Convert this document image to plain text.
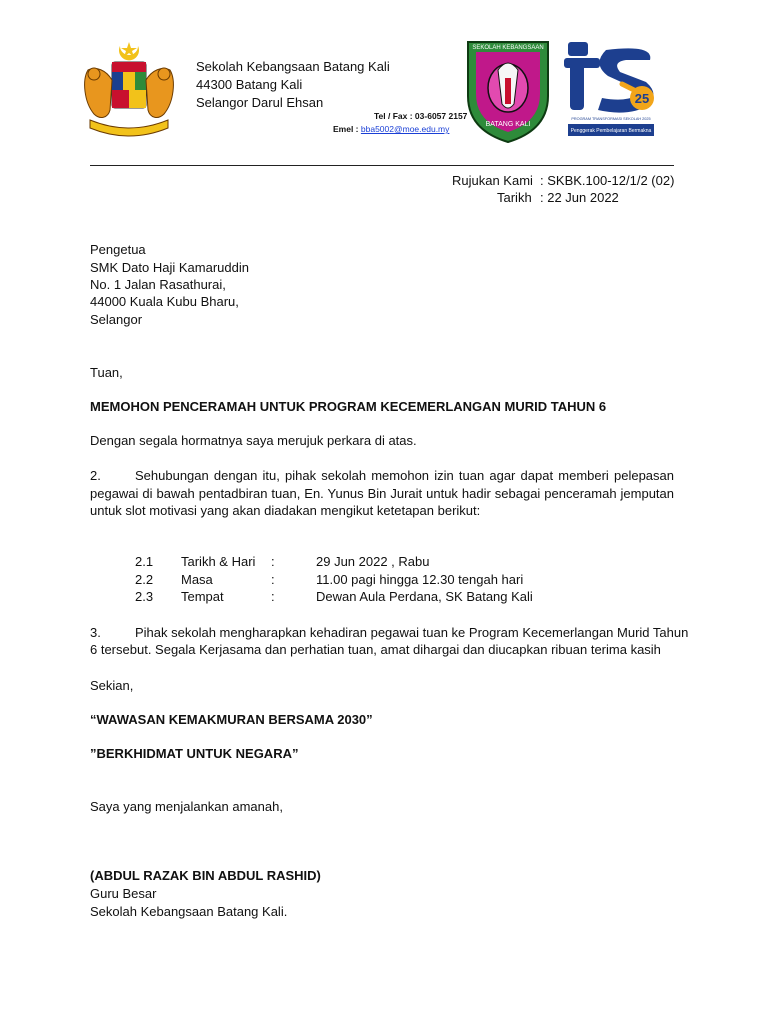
Sekolah Kebangsaan Batang Kali
44300 Batang Kali
Selangor Darul Ehsan
Tel / Fax : 03-6057 2157
Emel : bba5002@moe.edu.my
SEKOLAH KEBANGSAAN
BATANG KALI
25
PROGRAM TRANSFORMASI SEKOLAH 2025
Penggerak Pembelajaran Bermakna
Rujukan Kami : SKBK.100-12/1/2 (02)
Tarikh : 22 Jun 2022
Pengetua
SMK Dato Haji Kamaruddin
No. 1 Jalan Rasathurai,
44000 Kuala Kubu Bharu,
Selangor
Tuan,
MEMOHON PENCERAMAH UNTUK PROGRAM KECEMERLANGAN MURID TAHUN 6
Dengan segala hormatnya saya merujuk perkara di atas.
2.	Sehubungan dengan itu, pihak sekolah memohon izin tuan agar dapat memberi pelepasan
pegawai di bawah pentadbiran tuan, En. Yunus Bin Jurait untuk hadir sebagai penceramah jemputan
untuk slot motivasi yang akan diadakan mengikut ketetapan berikut:
2.1 Tarikh & Hari :	29 Jun 2022 , Rabu
2.2 Masa	:	11.00 pagi hingga 12.30 tengah hari
2.3 Tempat	:	Dewan Aula Perdana, SK Batang Kali
3.	Pihak sekolah mengharapkan kehadiran pegawai tuan ke Program Kecemerlangan Murid Tahun
6 tersebut. Segala Kerjasama dan perhatian tuan, amat dihargai dan diucapkan ribuan terima kasih
Sekian,
“WAWASAN KEMAKMURAN BERSAMA 2030”
”BERKHIDMAT UNTUK NEGARA”
Saya yang menjalankan amanah,
(ABDUL RAZAK BIN ABDUL RASHID)
Guru Besar
Sekolah Kebangsaan Batang Kali.
